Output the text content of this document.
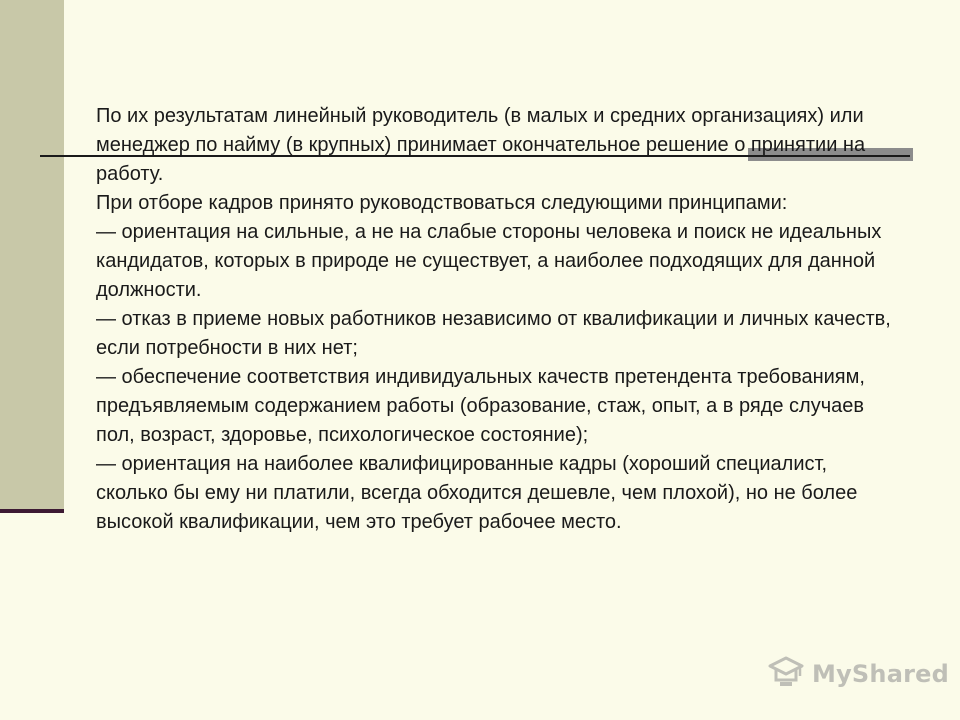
По их результатам линейный руководитель (в малых и средних организациях) или менеджер по найму (в крупных) принимает окончательное решение о принятии на работу.

При отборе кадров принято руководствоваться следующими принципами:

— ориентация на сильные, а не на слабые стороны человека и поиск не идеальных кандидатов, которых в природе не существует, а наиболее подходящих для данной должности.

— отказ в приеме новых работников независимо от квалификации и личных качеств, если потребности в них нет;

— обеспечение соответствия индивидуальных качеств претендента требованиям, предъявляемым содержанием работы (образование, стаж, опыт, а в ряде случаев пол, возраст, здоровье, психологическое состояние);

— ориентация на наиболее квалифицированные кадры (хороший специалист, сколько бы ему ни платили, всегда обходится дешевле, чем плохой), но не более высокой квалификации, чем это требует рабочее место.

MyShared
